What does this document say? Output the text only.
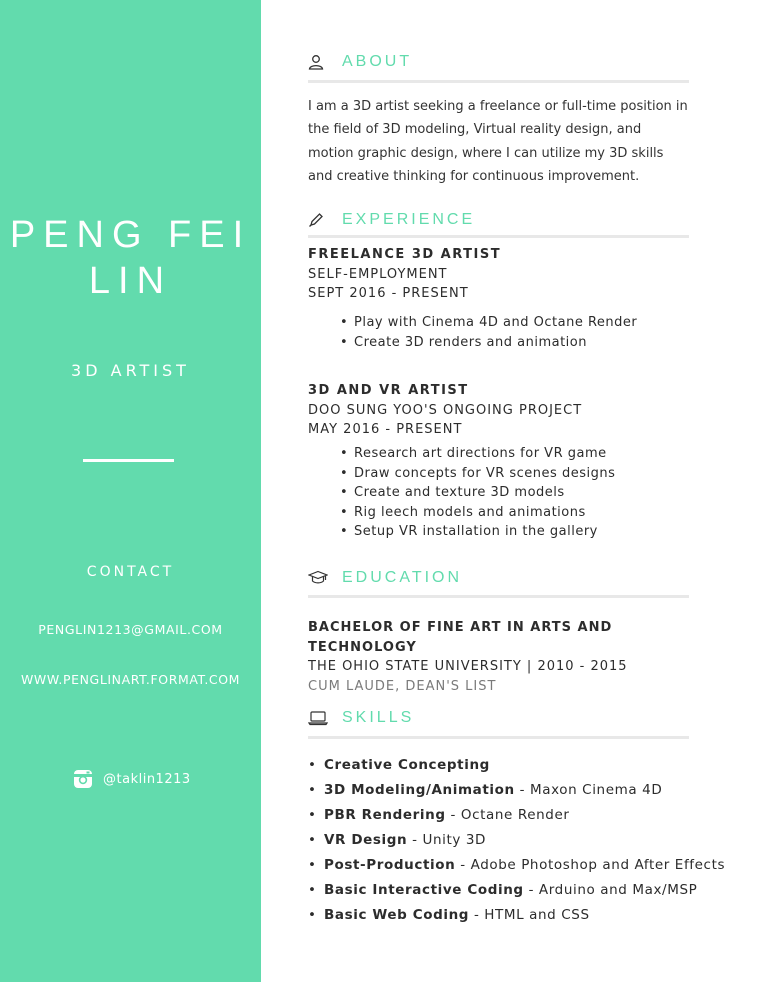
PENG FEI
LIN
3D ARTIST
CONTACT
PENGLIN1213@GMAIL.COM
WWW.PENGLINART.FORMAT.COM
@taklin1213
ABOUT
I am a 3D artist seeking a freelance or full-time position in the field of 3D modeling, Virtual reality design, and motion graphic design, where I can utilize my 3D skills and creative thinking for continuous improvement.
EXPERIENCE
FREELANCE 3D ARTIST
SELF-EMPLOYMENT
SEPT 2016 - PRESENT
• Play with Cinema 4D and Octane Render
• Create 3D renders and animation
3D AND VR ARTIST
DOO SUNG YOO'S ONGOING PROJECT
MAY 2016 - PRESENT
• Research art directions for VR game
• Draw concepts for VR scenes designs
• Create and texture 3D models
• Rig leech models and animations
• Setup VR installation in the gallery
EDUCATION
BACHELOR OF FINE ART IN ARTS AND TECHNOLOGY
THE OHIO STATE UNIVERSITY | 2010 - 2015
CUM LAUDE, DEAN'S LIST
SKILLS
• Creative Concepting
• 3D Modeling/Animation - Maxon Cinema 4D
• PBR Rendering - Octane Render
• VR Design - Unity 3D
• Post-Production - Adobe Photoshop and After Effects
• Basic Interactive Coding - Arduino and Max/MSP
• Basic Web Coding - HTML and CSS
